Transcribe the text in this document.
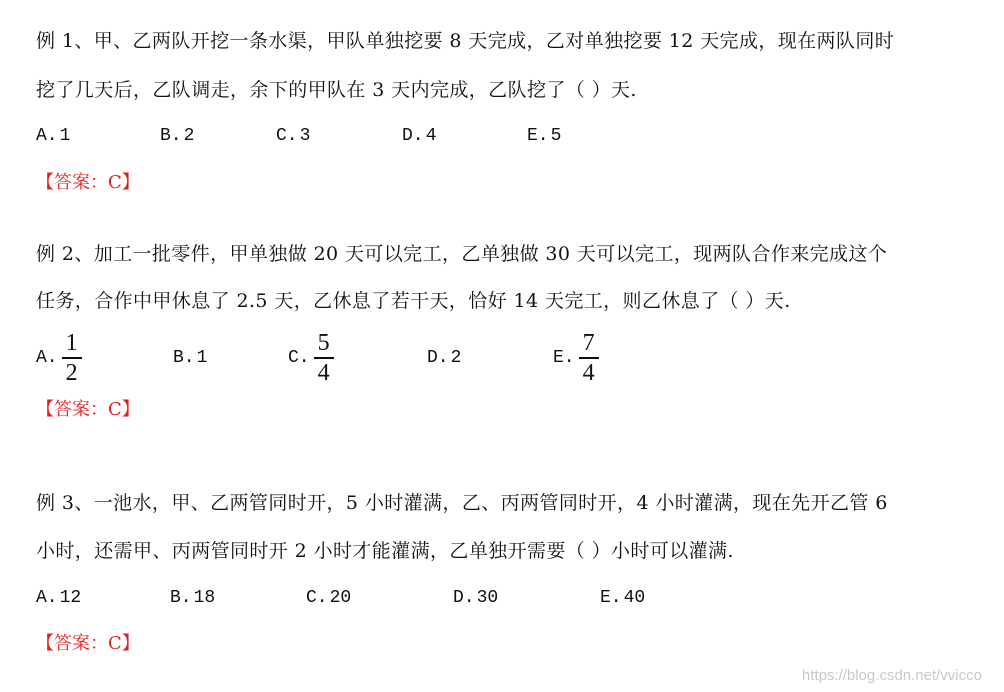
例 1、甲、乙两队开挖一条水渠，甲队单独挖要 8 天完成，乙对单独挖要 12 天完成，现在两队同时
挖了几天后，乙队调走，余下的甲队在 3 天内完成，乙队挖了（ ）天.
A. 1	B. 2	C. 3	D. 4	E. 5
【答案：C】
例 2、加工一批零件，甲单独做 20 天可以完工，乙单独做 30 天可以完工，现两队合作来完成这个
任务，合作中甲休息了 2.5 天，乙休息了若干天，恰好 14 天完工，则乙休息了（ ）天.
A. $\frac{1}{2}$	B. 1	C. $\frac{5}{4}$	D. 2	E. $\frac{7}{4}$
【答案：C】
例 3、一池水，甲、乙两管同时开，5 小时灌满，乙、丙两管同时开，4 小时灌满，现在先开乙管 6
小时，还需甲、丙两管同时开 2 小时才能灌满，乙单独开需要（ ）小时可以灌满.
A. 12	B. 18	C. 20	D. 30	E. 40
【答案：C】
https://blog.csdn.net/vvicco
